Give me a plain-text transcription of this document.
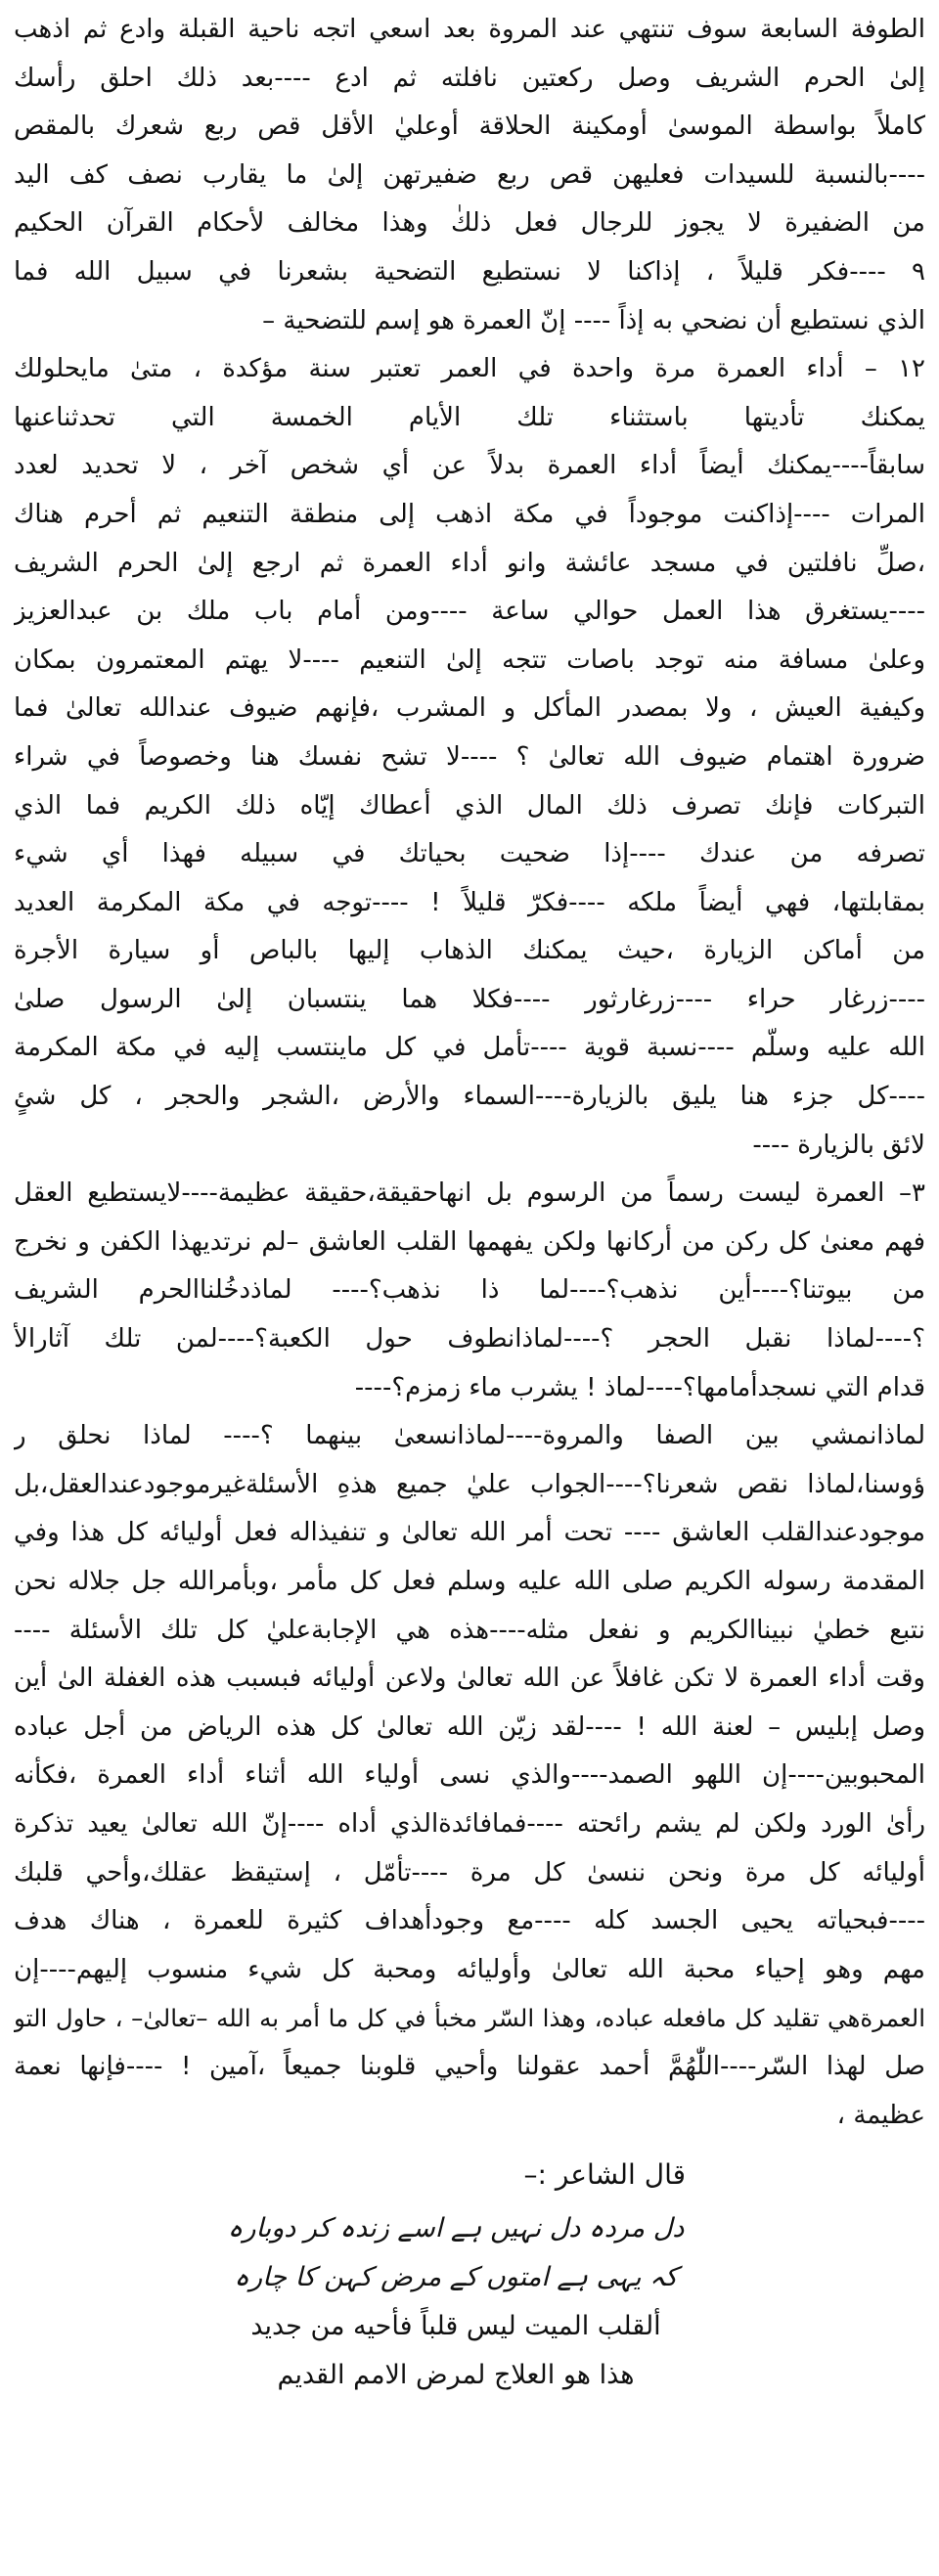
الطوفة السابعة سوف تنتهي عند المروة بعد اسعي اتجه ناحية القبلة وادع ثم اذهب
إلىٰ الحرم الشريف وصل ركعتين نافلته ثم ادع ----بعد ذلك احلق رأسك
كاملاً بواسطة الموسىٰ أومكينة الحلاقة أوعليٰ الأقل قص ربع شعرك بالمقص
----بالنسبة للسيدات فعليهن قص ربع ضفيرتهن إلىٰ ما يقارب نصف كف اليد
من الضفيرة لا يجوز للرجال فعل ذلكٰ وهذا مخالف لأحكام القرآن الحكيم
٩ ----فكر قليلاً ، إذاكنا لا نستطيع التضحية بشعرنا في سبيل الله فما
الذي نستطيع أن نضحي به إذاً ---- إنّ العمرة هو إسم للتضحية –
١٢ – أداء العمرة مرة واحدة في العمر تعتبر سنة مؤكدة ، متىٰ مايحلولك
يمكنك تأديتها باستثناء تلك الأيام الخمسة التي تحدثناعنها
سابقاً----يمكنك أيضاً أداء العمرة بدلاً عن أي شخص آخر ، لا تحديد لعدد
المرات ----إذاكنت موجوداً في مكة اذهب إلى منطقة التنعيم ثم أحرم هناك
،صلِّ نافلتين في مسجد عائشة وانو أداء العمرة ثم ارجع إلىٰ الحرم الشريف
----يستغرق هذا العمل حوالي ساعة ----ومن أمام باب ملك بن عبدالعزيز
وعلىٰ مسافة منه توجد باصات تتجه إلىٰ التنعيم ----لا يهتم المعتمرون بمكان
وكيفية العيش ، ولا بمصدر المأكل و المشرب ،فإنهم ضيوف عندالله تعالىٰ فما
ضرورة اهتمام ضيوف الله تعالىٰ ؟ ----لا تشح نفسك هنا وخصوصاً في شراء
التبركات فإنك تصرف ذلك المال الذي أعطاك إيّاه ذلك الكريم فما الذي
تصرفه من عندك ----إذا ضحيت بحياتك في سبيله فهذا أي شيء
بمقابلتها، فهي أيضاً ملكه ----فكرّ قليلاً ! ----توجه في مكة المكرمة العديد
من أماكن الزيارة ،حيث يمكنك الذهاب إليها بالباص أو سيارة الأجرة
----زرغار حراء ----زرغارثور ----فكلا هما ينتسبان إلىٰ الرسول صلىٰ
الله عليه وسلّم ----نسبة قوية ----تأمل في كل ماينتسب إليه في مكة المكرمة
----كل جزء هنا يليق بالزيارة----السماء والأرض ،الشجر والحجر ، كل شئٍ
لائق بالزيارة ----
٣– العمرة ليست رسماً من الرسوم بل انهاحقيقة،حقيقة عظيمة----لايستطيع العقل
فهم معنىٰ كل ركن من أركانها ولكن يفهمها القلب العاشق –لم نرتديهذا الكفن و نخرج
من بيوتنا؟----أين نذهب؟----لما ذا نذهب؟---- لماذدخُلناالحرم الشريف
؟----لماذا نقبل الحجر ؟----لماذانطوف حول الكعبة؟----لمن تلك آثارالأ
قدام التي نسجدأمامها؟----لماذ ! يشرب ماء زمزم؟----
لماذانمشي بين الصفا والمروة----لماذانسعىٰ بينهما ؟---- لماذا نحلق ر
ؤوسنا،لماذا نقص شعرنا؟----الجواب عليٰ جميع هذهِ الأسئلةغيرموجودعندالعقل،بل
موجودعندالقلب العاشق ---- تحت أمر الله تعالىٰ و تنفيذاله فعل أوليائه كل هذا وفي
المقدمة رسوله الكريم صلى الله عليه وسلم فعل كل مأمر ،وبأمرالله جل جلاله نحن
نتبع خطيٰ نبيناالكريم و نفعل مثله----هذه هي الإجابةعليٰ كل تلك الأسئلة ----
وقت أداء العمرة لا تكن غافلاً عن الله تعالىٰ ولاعن أوليائه فبسبب هذه الغفلة الىٰ أين
وصل إبليس – لعنة الله ! ----لقد زيّن الله تعالىٰ كل هذه الرياض من أجل عباده
المحبوبين----إن اللهو الصمد----والذي نسى أولياء الله أثناء أداء العمرة ،فكأنه
رأىٰ الورد ولكن لم يشم رائحته ----فمافائدةالذي أداه ----إنّ الله تعالىٰ يعيد تذكرة
أوليائه كل مرة ونحن ننسىٰ كل مرة ----تأمّل ، إستيقظ عقلك،وأحي قلبك
----فبحياته يحيى الجسد كله ----مع وجودأهداف كثيرة للعمرة ، هناك هدف
مهم وهو إحياء محبة الله تعالىٰ وأوليائه ومحبة كل شيء منسوب إليهم----إن
العمرةهي تقليد كل مافعله عباده، وهذا السّر مخبأ في كل ما أمر به الله –تعالىٰ– ، حاول التو
صل لهذا السّر----اللّٰهُمَّ أحمد عقولنا وأحيي قلوبنا جميعاً ،آمين ! ----فإنها نعمة
عظيمة ،
قال الشاعر :–
دل مردہ دل نہیں ہے اسے زندہ کر دوبارہ
کہ یہی ہے امتوں کے مرض کہن کا چارہ
ألقلب الميت ليس قلباً فأحيه من جديد
هذا هو العلاج لمرض الامم القديم
